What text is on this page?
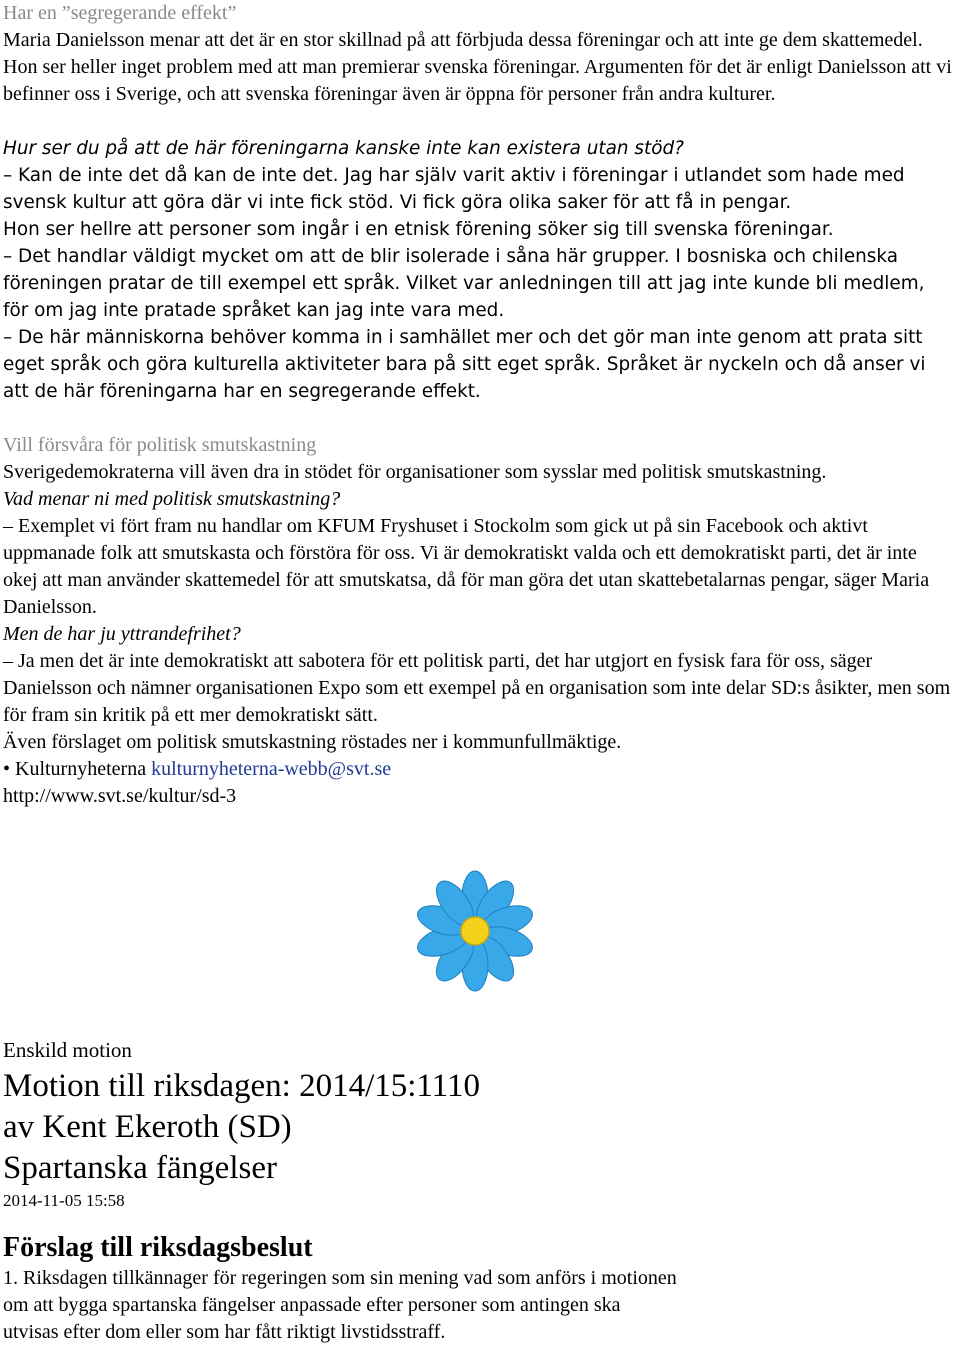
Har en ”segregerande effekt”

Maria Danielsson menar att det är en stor skillnad på att förbjuda dessa föreningar och att inte ge dem skattemedel. Hon ser heller inget problem med att man premierar svenska föreningar. Argumenten för det är enligt Danielsson att vi befinner oss i Sverige, och att svenska föreningar även är öppna för personer från andra kulturer.

Hur ser du på att de här föreningarna kanske inte kan existera utan stöd?

– Kan de inte det då kan de inte det. Jag har själv varit aktiv i föreningar i utlandet som hade med svensk kultur att göra där vi inte fick stöd. Vi fick göra olika saker för att få in pengar.

Hon ser hellre att personer som ingår i en etnisk förening söker sig till svenska föreningar.

– Det handlar väldigt mycket om att de blir isolerade i såna här grupper. I bosniska och chilenska föreningen pratar de till exempel ett språk. Vilket var anledningen till att jag inte kunde bli medlem, för om jag inte pratade språket kan jag inte vara med.

– De här människorna behöver komma in i samhället mer och det gör man inte genom att prata sitt eget språk och göra kulturella aktiviteter bara på sitt eget språk. Språket är nyckeln och då anser vi att de här föreningarna har en segregerande effekt.

Vill försvåra för politisk smutskastning

Sverigedemokraterna vill även dra in stödet för organisationer som sysslar med politisk smutskastning.

Vad menar ni med politisk smutskastning?

– Exemplet vi fört fram nu handlar om KFUM Fryshuset i Stockolm som gick ut på sin Facebook och aktivt uppmanade folk att smutskasta och förstöra för oss. Vi är demokratiskt valda och ett demokratiskt parti, det är inte okej att man använder skattemedel för att smutskatsa, då för man göra det utan skattebetalarnas pengar, säger Maria Danielsson.

Men de har ju yttrandefrihet?

– Ja men det är inte demokratiskt att sabotera för ett politisk parti, det har utgjort en fysisk fara för oss, säger Danielsson och nämner organisationen Expo som ett exempel på en organisation som inte delar SD:s åsikter, men som för fram sin kritik på ett mer demokratiskt sätt.

Även förslaget om politisk smutskastning röstades ner i kommunfullmäktige.

• Kulturnyheterna kulturnyheterna-webb@svt.se

http://www.svt.se/kultur/sd-3

Enskild motion

Motion till riksdagen: 2014/15:1110

av Kent Ekeroth (SD)

Spartanska fängelser

2014-11-05 15:58

Förslag till riksdagsbeslut

1. Riksdagen tillkännager för regeringen som sin mening vad som anförs i motionen

om att bygga spartanska fängelser anpassade efter personer som antingen ska

utvisas efter dom eller som har fått riktigt livstidsstraff.
